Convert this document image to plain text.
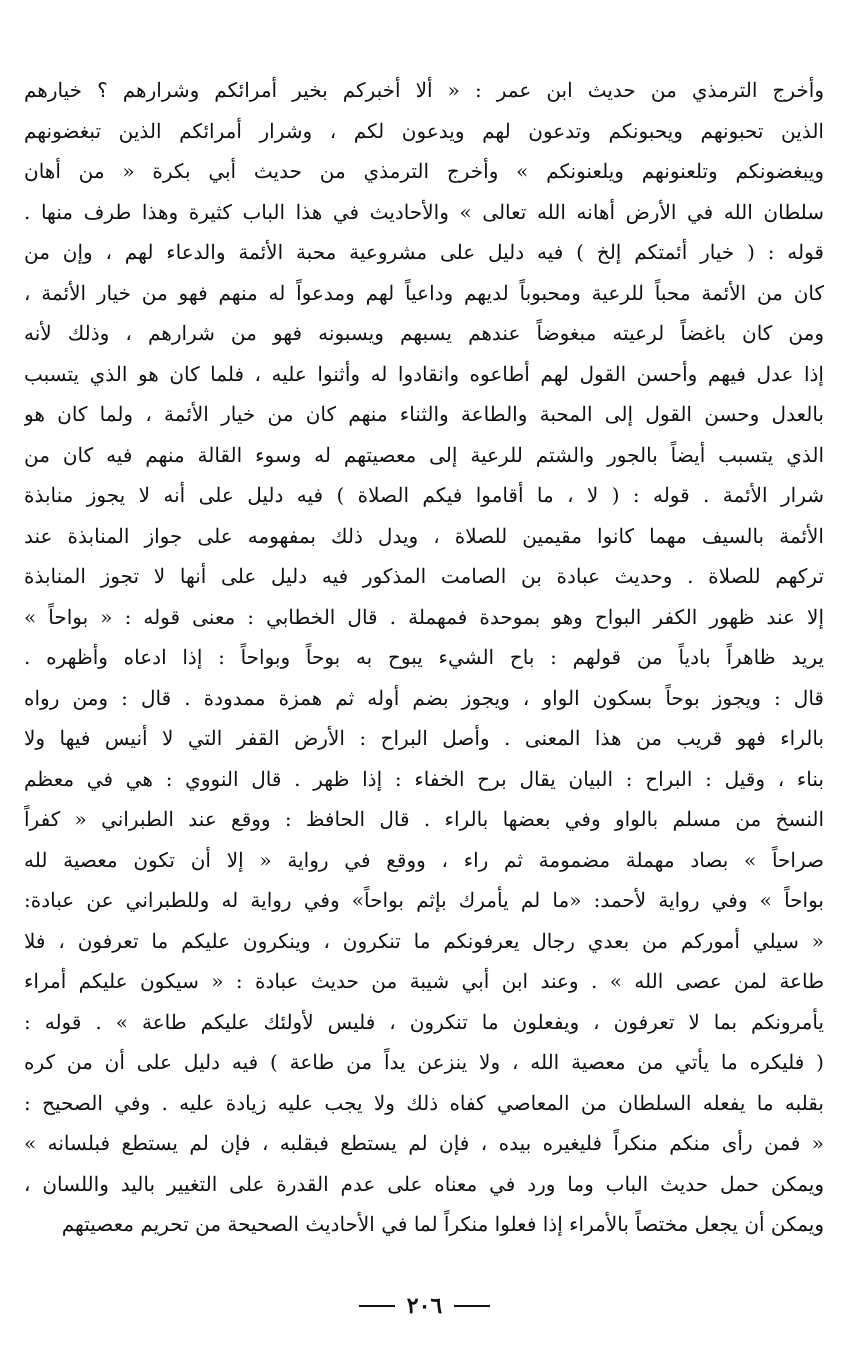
وأخرج الترمذي من حديث ابن عمر : « ألا أخبركم بخير أمرائكم وشرارهم ؟ خيارهم
الذين تحبونهم ويحبونكم وتدعون لهم ويدعون لكم ، وشرار أمرائكم الذين تبغضونهم
ويبغضونكم وتلعنونهم ويلعنونكم » وأخرج الترمذي من حديث أبي بكرة « من أهان
سلطان الله في الأرض أهانه الله تعالى » والأحاديث في هذا الباب كثيرة وهذا طرف منها .
قوله : ( خيار أئمتكم إلخ ) فيه دليل على مشروعية محبة الأئمة والدعاء لهم ، وإن من
كان من الأئمة محباً للرعية ومحبوباً لديهم وداعياً لهم ومدعواً له منهم فهو من خيار الأئمة ،
ومن كان باغضاً لرعيته مبغوضاً عندهم يسبهم ويسبونه فهو من شرارهم ، وذلك لأنه
إذا عدل فيهم وأحسن القول لهم أطاعوه وانقادوا له وأثنوا عليه ، فلما كان هو الذي يتسبب
بالعدل وحسن القول إلى المحبة والطاعة والثناء منهم كان من خيار الأئمة ، ولما كان هو
الذي يتسبب أيضاً بالجور والشتم للرعية إلى معصيتهم له وسوء القالة منهم فيه كان من
شرار الأئمة . قوله : ( لا ، ما أقاموا فيكم الصلاة ) فيه دليل على أنه لا يجوز منابذة
الأئمة بالسيف مهما كانوا مقيمين للصلاة ، ويدل ذلك بمفهومه على جواز المنابذة عند
تركهم للصلاة . وحديث عبادة بن الصامت المذكور فيه دليل على أنها لا تجوز المنابذة
إلا عند ظهور الكفر البواح وهو بموحدة فمهملة . قال الخطابي : معنى قوله : « بواحاً »
يريد ظاهراً بادياً من قولهم : باح الشيء يبوح به بوحاً وبواحاً : إذا ادعاه وأظهره .
قال : ويجوز بوحاً بسكون الواو ، ويجوز بضم أوله ثم همزة ممدودة . قال : ومن رواه
بالراء فهو قريب من هذا المعنى . وأصل البراح : الأرض القفر التي لا أنيس فيها ولا
بناء ، وقيل : البراح : البيان يقال برح الخفاء : إذا ظهر . قال النووي : هي في معظم
النسخ من مسلم بالواو وفي بعضها بالراء . قال الحافظ : ووقع عند الطبراني « كفراً
صراحاً » بصاد مهملة مضمومة ثم راء ، ووقع في رواية « إلا أن تكون معصية لله
بواحاً » وفي رواية لأحمد: «ما لم يأمرك بإثم بواحاً» وفي رواية له وللطبراني عن عبادة:
« سيلي أموركم من بعدي رجال يعرفونكم ما تنكرون ، وينكرون عليكم ما تعرفون ، فلا
طاعة لمن عصى الله » . وعند ابن أبي شيبة من حديث عبادة : « سيكون عليكم أمراء
يأمرونكم بما لا تعرفون ، ويفعلون ما تنكرون ، فليس لأولئك عليكم طاعة » . قوله :
( فليكره ما يأتي من معصية الله ، ولا ينزعن يداً من طاعة ) فيه دليل على أن من كره
بقلبه ما يفعله السلطان من المعاصي كفاه ذلك ولا يجب عليه زيادة عليه . وفي الصحيح :
« فمن رأى منكم منكراً فليغيره بيده ، فإن لم يستطع فبقلبه ، فإن لم يستطع فبلسانه »
ويمكن حمل حديث الباب وما ورد في معناه على عدم القدرة على التغيير باليد واللسان ،
ويمكن أن يجعل مختصاً بالأمراء إذا فعلوا منكراً لما في الأحاديث الصحيحة من تحريم معصيتهم
٢٠٦
